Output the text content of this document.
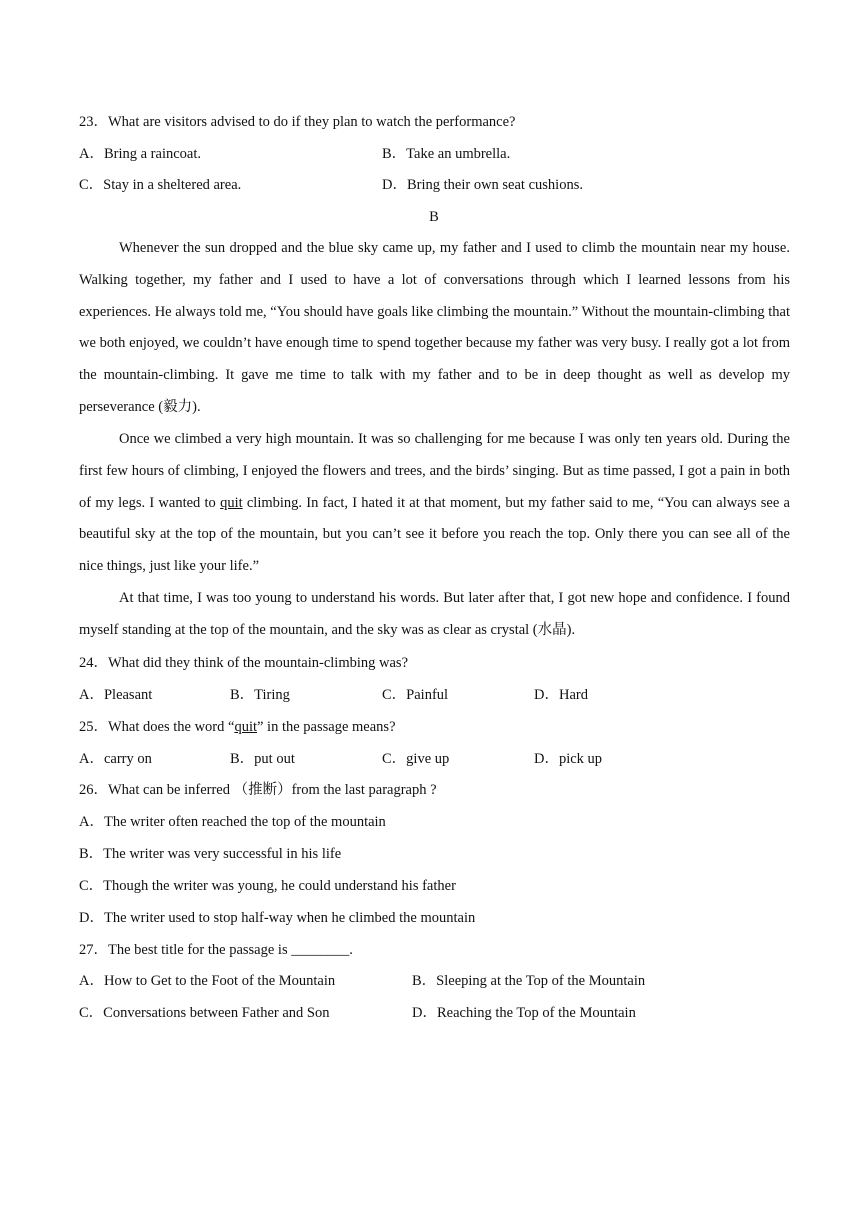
23．What are visitors advised to do if they plan to watch the performance?
A．Bring a raincoat.	B．Take an umbrella.
C．Stay in a sheltered area.	D．Bring their own seat cushions.
B
Whenever the sun dropped and the blue sky came up, my father and I used to climb the mountain near my house. Walking together, my father and I used to have a lot of conversations through which I learned lessons from his experiences. He always told me, “You should have goals like climbing the mountain.” Without the mountain-climbing that we both enjoyed, we couldn’t have enough time to spend together because my father was very busy. I really got a lot from the mountain-climbing. It gave me time to talk with my father and to be in deep thought as well as develop my perseverance (毅力).
Once we climbed a very high mountain. It was so challenging for me because I was only ten years old. During the first few hours of climbing, I enjoyed the flowers and trees, and the birds’ singing. But as time passed, I got a pain in both of my legs. I wanted to quit climbing. In fact, I hated it at that moment, but my father said to me, “You can always see a beautiful sky at the top of the mountain, but you can’t see it before you reach the top. Only there you can see all of the nice things, just like your life.”
At that time, I was too young to understand his words. But later after that, I got new hope and confidence. I found myself standing at the top of the mountain, and the sky was as clear as crystal (水晶).
24．What did they think of the mountain-climbing was?
A．Pleasant	B．Tiring	C．Painful	D．Hard
25．What does the word “quit” in the passage means?
A．carry on	B．put out	C．give up	D．pick up
26．What can be inferred （推断）from the last paragraph ?
A．The writer often reached the top of the mountain
B．The writer was very successful in his life
C．Though the writer was young, he could understand his father
D．The writer used to stop half-way when he climbed the mountain
27．The best title for the passage is ________.
A．How to Get to the Foot of the Mountain	B．Sleeping at the Top of the Mountain
C．Conversations between Father and Son	D．Reaching the Top of the Mountain
